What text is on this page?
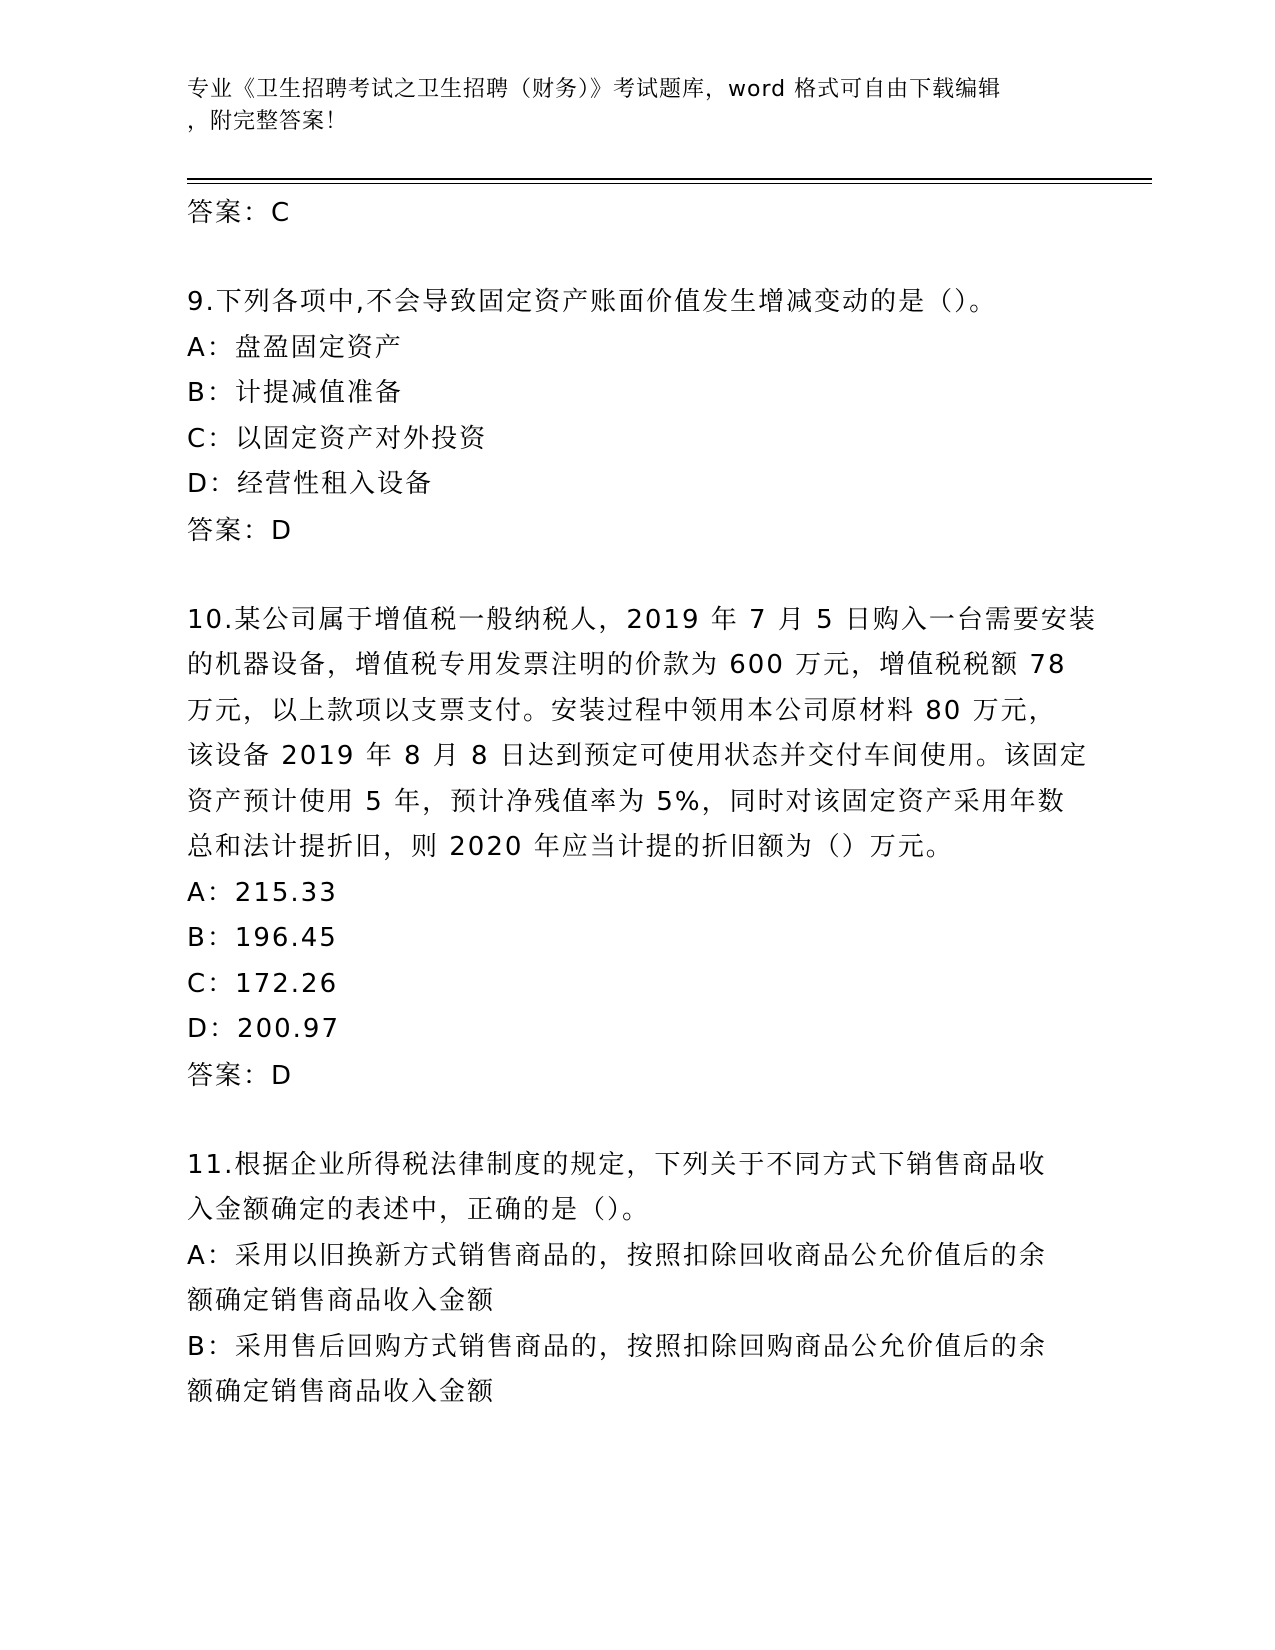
专业《卫生招聘考试之卫生招聘（财务）》考试题库，word 格式可自由下载编辑
，附完整答案！
答案：C
9.下列各项中,不会导致固定资产账面价值发生增减变动的是（）。
A：盘盈固定资产
B：计提减值准备
C：以固定资产对外投资
D：经营性租入设备
答案：D
10.某公司属于增值税一般纳税人，2019 年 7 月 5 日购入一台需要安装
的机器设备，增值税专用发票注明的价款为 600 万元，增值税税额 78
万元，以上款项以支票支付。安装过程中领用本公司原材料 80 万元，
该设备 2019 年 8 月 8 日达到预定可使用状态并交付车间使用。该固定
资产预计使用 5 年，预计净残值率为 5%，同时对该固定资产采用年数
总和法计提折旧，则 2020 年应当计提的折旧额为（）万元。
A：215.33
B：196.45
C：172.26
D：200.97
答案：D
11.根据企业所得税法律制度的规定，下列关于不同方式下销售商品收
入金额确定的表述中，正确的是（）。
A：采用以旧换新方式销售商品的，按照扣除回收商品公允价值后的余
额确定销售商品收入金额
B：采用售后回购方式销售商品的，按照扣除回购商品公允价值后的余
额确定销售商品收入金额
